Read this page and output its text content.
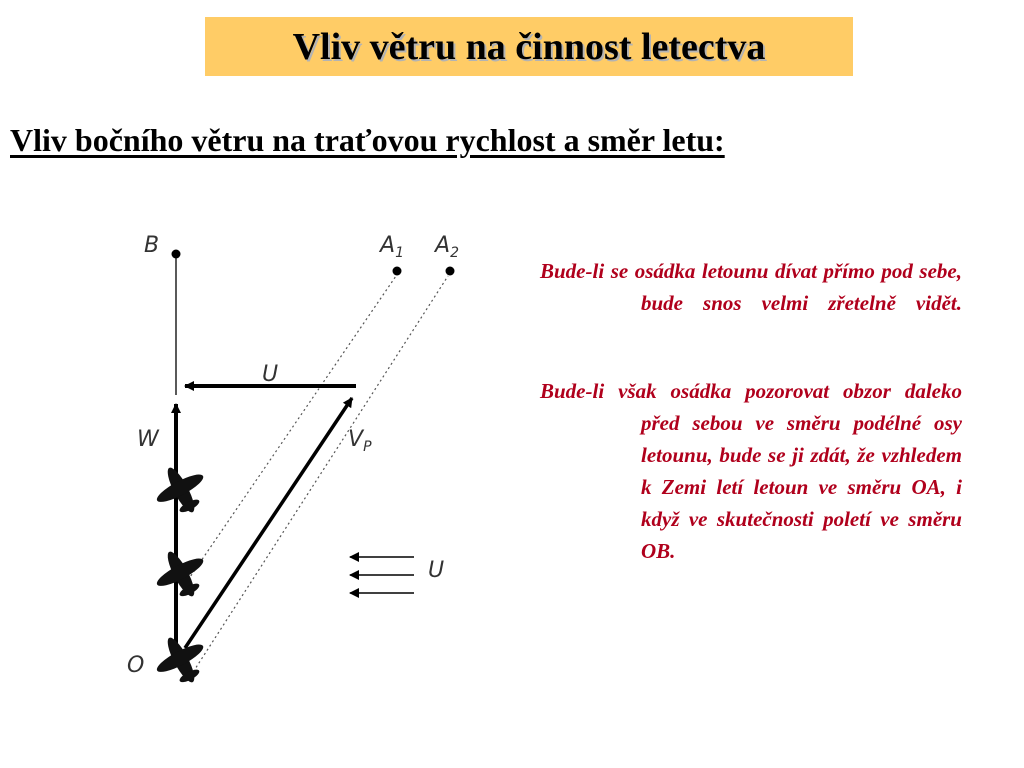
Vliv větru na činnost letectva
Vliv bočního větru na traťovou rychlost a směr letu:
B	$A_1$ $A_2$
U
W	$V_P$
U
O

Bude-li se osádka letounu dívat přímo pod sebe, bude snos velmi zřetelně vidět.

Bude-li však osádka pozorovat obzor daleko před sebou ve směru podélné osy letounu, bude se ji zdát, že vzhledem k Zemi letí letoun ve směru OA, i když ve skutečnosti poletí ve směru OB.
